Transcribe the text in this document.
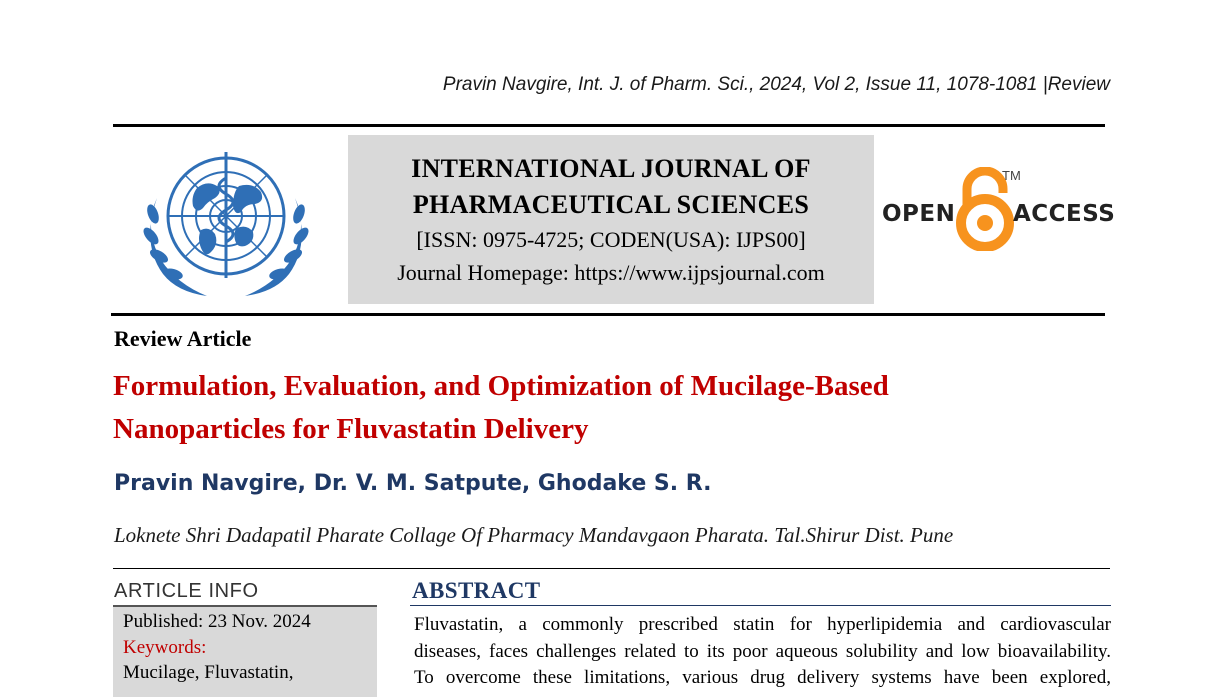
Pravin Navgire, Int. J. of Pharm. Sci., 2024, Vol 2, Issue 11, 1078-1081 |Review
INTERNATIONAL JOURNAL OF
PHARMACEUTICAL SCIENCES
[ISSN: 0975-4725; CODEN(USA): IJPS00]
Journal Homepage: https://www.ijpsjournal.com
OPEN
TM
ACCESS
Review Article
Formulation, Evaluation, and Optimization of Mucilage-Based
Nanoparticles for Fluvastatin Delivery
Pravin Navgire, Dr. V. M. Satpute, Ghodake S. R.
Loknete Shri Dadapatil Pharate Collage Of Pharmacy Mandavgaon Pharata. Tal.Shirur Dist. Pune
ARTICLE INFO
Published: 23 Nov. 2024
Keywords:
Mucilage, Fluvastatin,
ABSTRACT
Fluvastatin, a commonly prescribed statin for hyperlipidemia and cardiovascular
diseases, faces challenges related to its poor aqueous solubility and low bioavailability.
To overcome these limitations, various drug delivery systems have been explored,
